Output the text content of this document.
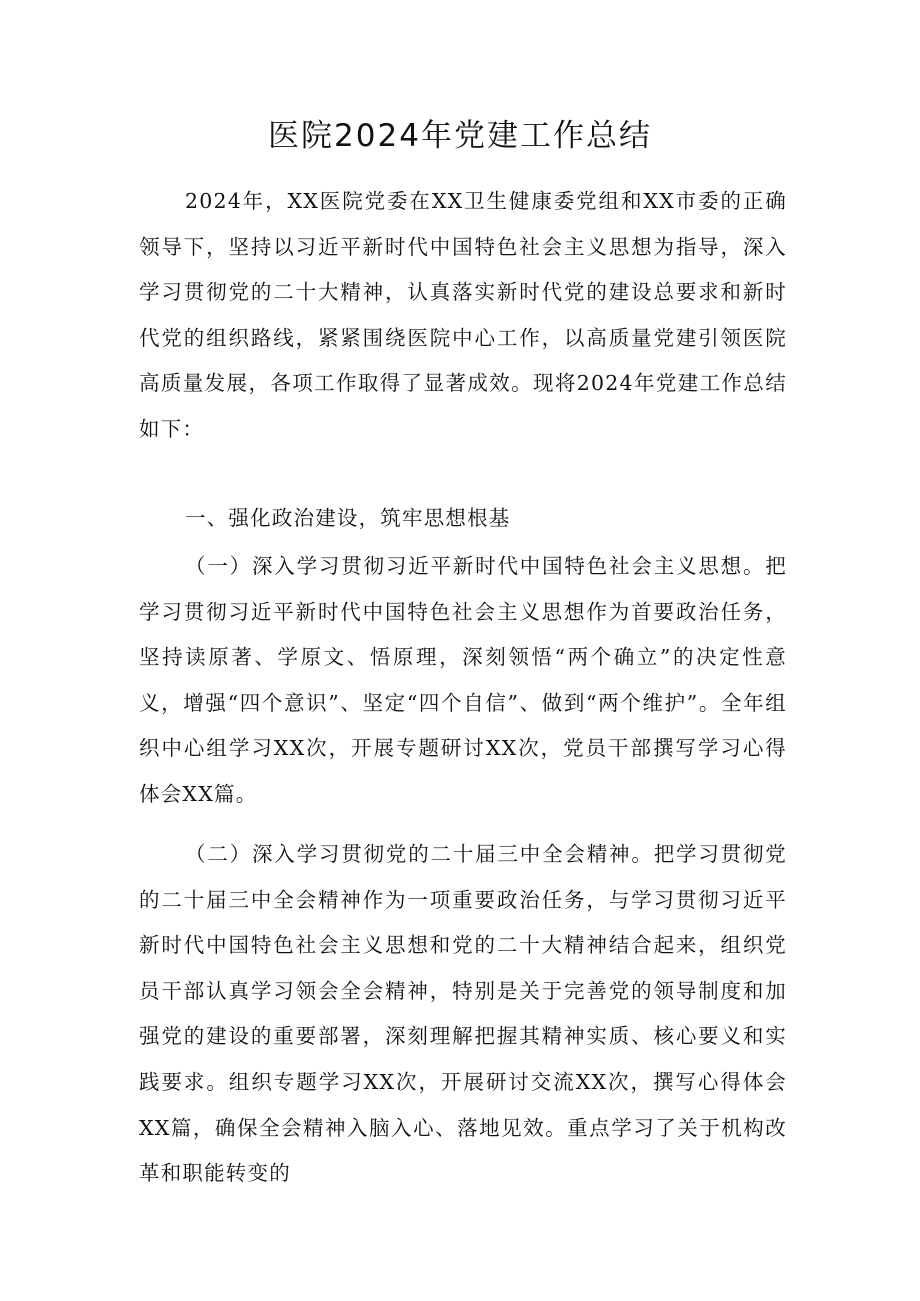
医院2024年党建工作总结

2024年，XX医院党委在XX卫生健康委党组和XX市委的正确领导下，坚持以习近平新时代中国特色社会主义思想为指导，深入学习贯彻党的二十大精神，认真落实新时代党的建设总要求和新时代党的组织路线，紧紧围绕医院中心工作，以高质量党建引领医院高质量发展，各项工作取得了显著成效。现将2024年党建工作总结如下：

一、强化政治建设，筑牢思想根基

（一）深入学习贯彻习近平新时代中国特色社会主义思想。把学习贯彻习近平新时代中国特色社会主义思想作为首要政治任务，坚持读原著、学原文、悟原理，深刻领悟“两个确立”的决定性意义，增强“四个意识”、坚定“四个自信”、做到“两个维护”。全年组织中心组学习XX次，开展专题研讨XX次，党员干部撰写学习心得体会XX篇。

（二）深入学习贯彻党的二十届三中全会精神。把学习贯彻党的二十届三中全会精神作为一项重要政治任务，与学习贯彻习近平新时代中国特色社会主义思想和党的二十大精神结合起来，组织党员干部认真学习领会全会精神，特别是关于完善党的领导制度和加强党的建设的重要部署，深刻理解把握其精神实质、核心要义和实践要求。组织专题学习XX次，开展研讨交流XX次，撰写心得体会XX篇，确保全会精神入脑入心、落地见效。重点学习了关于机构改革和职能转变的
